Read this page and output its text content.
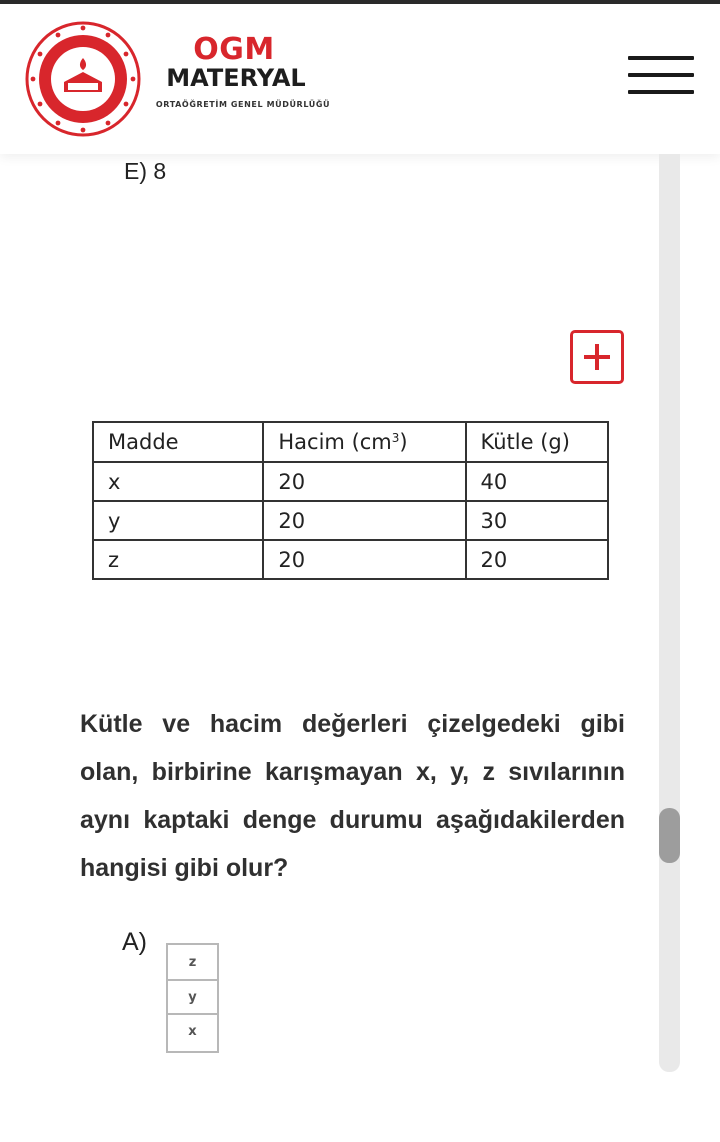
OGM
MATERYAL
ORTAÖĞRETİM GENEL MÜDÜRLÜĞÜ
E) 8
Madde	Hacim $(cm^3)$	Kütle (g)
x	20	40
y	20	30
z	20	20

Kütle ve hacim değerleri çizelgedeki gibi olan, birbirine karışmayan x, y, z sıvılarının aynı kaptaki denge durumu aşağıdakilerden hangisi gibi olur?

A)
z
y
x
